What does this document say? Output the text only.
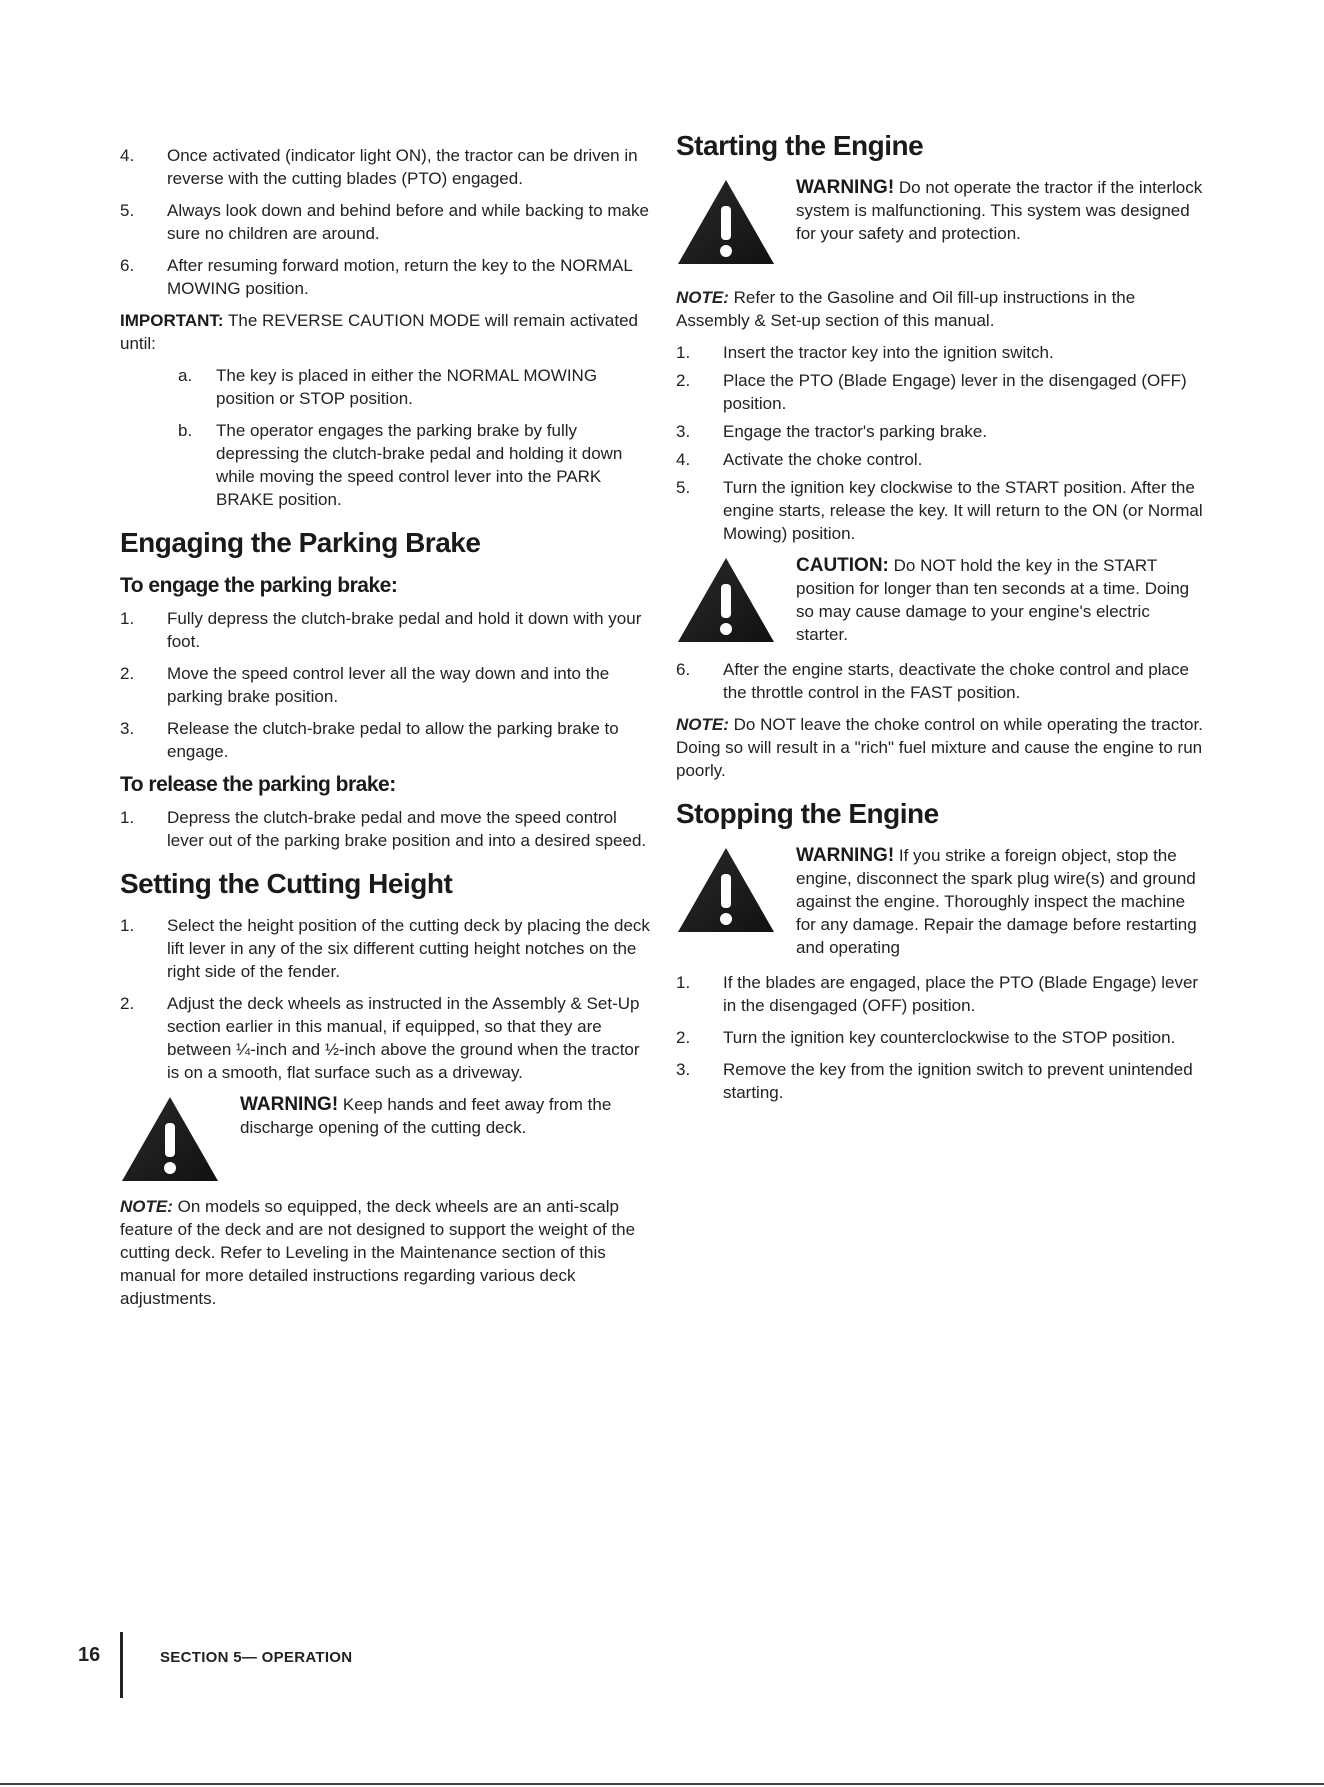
4.	Once activated (indicator light ON), the tractor can be driven in reverse with the cutting blades (PTO) engaged.
5.	Always look down and behind before and while backing to make sure no children are around.
6.	After resuming forward motion, return the key to the NORMAL MOWING position.
IMPORTANT: The REVERSE CAUTION MODE will remain activated until:
a.	The key is placed in either the NORMAL MOWING position or STOP position.
b.	The operator engages the parking brake by fully depressing the clutch-brake pedal and holding it down while moving the speed control lever into the PARK BRAKE position.
Engaging the Parking Brake
To engage the parking brake:
1.	Fully depress the clutch-brake pedal and hold it down with your foot.
2.	Move the speed control lever all the way down and into the parking brake position.
3.	Release the clutch-brake pedal to allow the parking brake to engage.
To release the parking brake:
1.	Depress the clutch-brake pedal and move the speed control lever out of the parking brake position and into a desired speed.
Setting the Cutting Height
1.	Select the height position of the cutting deck by placing the deck lift lever in any of the six different cutting height notches on the right side of the fender.
2.	Adjust the deck wheels as instructed in the Assembly & Set-Up section earlier in this manual, if equipped, so that they are between ¼-inch and ½-inch above the ground when the tractor is on a smooth, flat surface such as a driveway.
WARNING! Keep hands and feet away from the discharge opening of the cutting deck.
NOTE: On models so equipped, the deck wheels are an anti-scalp feature of the deck and are not designed to support the weight of the cutting deck. Refer to Leveling in the Maintenance section of this manual for more detailed instructions regarding various deck adjustments.
Starting the Engine
WARNING! Do not operate the tractor if the interlock system is malfunctioning. This system was designed for your safety and protection.
NOTE: Refer to the Gasoline and Oil fill-up instructions in the Assembly & Set-up section of this manual.
1.	Insert the tractor key into the ignition switch.
2.	Place the PTO (Blade Engage) lever in the disengaged (OFF) position.
3.	Engage the tractor's parking brake.
4.	Activate the choke control.
5.	Turn the ignition key clockwise to the START position. After the engine starts, release the key. It will return to the ON (or Normal Mowing) position.
CAUTION: Do NOT hold the key in the START position for longer than ten seconds at a time. Doing so may cause damage to your engine's electric starter.
6.	After the engine starts, deactivate the choke control and place the throttle control in the FAST position.
NOTE: Do NOT leave the choke control on while operating the tractor. Doing so will result in a "rich" fuel mixture and cause the engine to run poorly.
Stopping the Engine
WARNING! If you strike a foreign object, stop the engine, disconnect the spark plug wire(s) and ground against the engine. Thoroughly inspect the machine for any damage. Repair the damage before restarting and operating
1.	If the blades are engaged, place the PTO (Blade Engage) lever in the disengaged (OFF) position.
2.	Turn the ignition key counterclockwise to the STOP position.
3.	Remove the key from the ignition switch to prevent unintended starting.
16	SECTION 5— OPERATION
